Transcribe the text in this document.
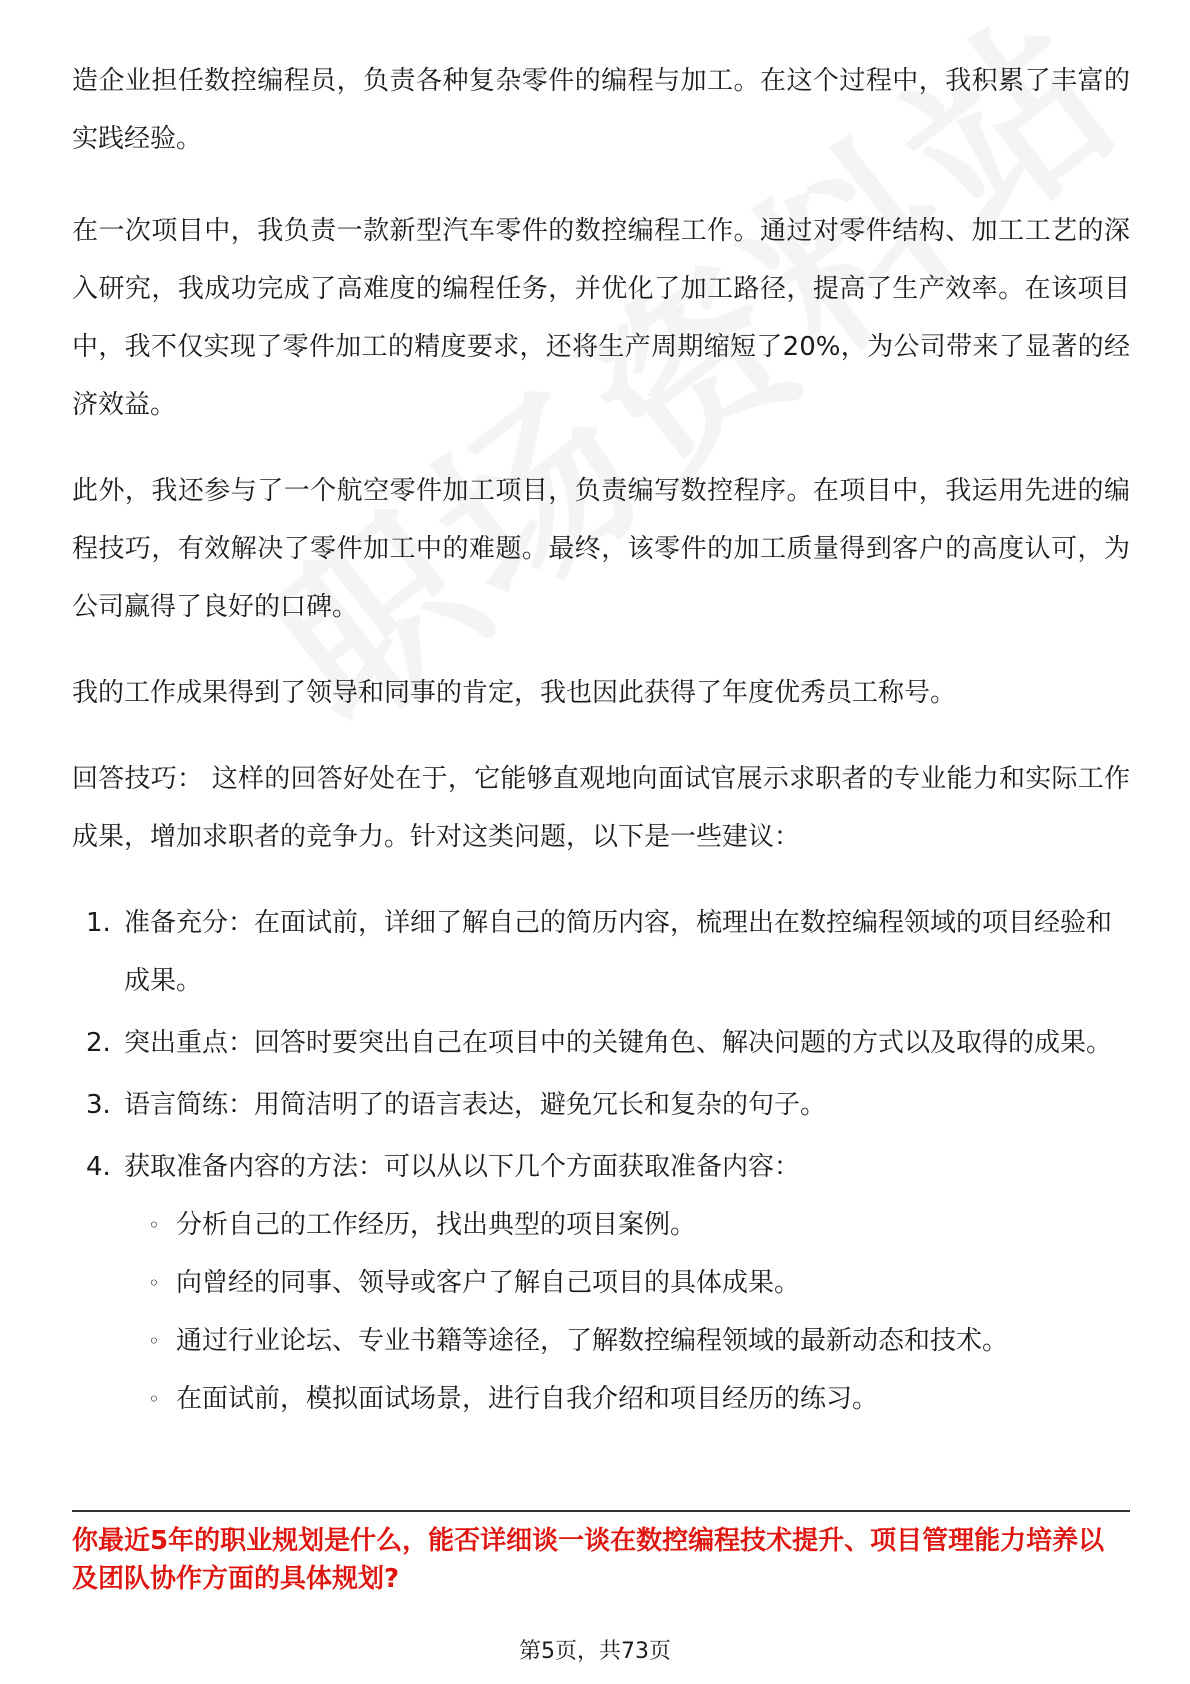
造企业担任数控编程员，负责各种复杂零件的编程与加工。在这个过程中，我积累了丰富的实践经验。

在一次项目中，我负责一款新型汽车零件的数控编程工作。通过对零件结构、加工工艺的深入研究，我成功完成了高难度的编程任务，并优化了加工路径，提高了生产效率。在该项目中，我不仅实现了零件加工的精度要求，还将生产周期缩短了20%，为公司带来了显著的经济效益。

此外，我还参与了一个航空零件加工项目，负责编写数控程序。在项目中，我运用先进的编程技巧，有效解决了零件加工中的难题。最终，该零件的加工质量得到客户的高度认可，为公司赢得了良好的口碑。

我的工作成果得到了领导和同事的肯定，我也因此获得了年度优秀员工称号。

回答技巧： 这样的回答好处在于，它能够直观地向面试官展示求职者的专业能力和实际工作成果，增加求职者的竞争力。针对这类问题，以下是一些建议：

1. 准备充分：在面试前，详细了解自己的简历内容，梳理出在数控编程领域的项目经验和成果。
2. 突出重点：回答时要突出自己在项目中的关键角色、解决问题的方式以及取得的成果。
3. 语言简练：用简洁明了的语言表达，避免冗长和复杂的句子。
4. 获取准备内容的方法：可以从以下几个方面获取准备内容：
◦ 分析自己的工作经历，找出典型的项目案例。
◦ 向曾经的同事、领导或客户了解自己项目的具体成果。
◦ 通过行业论坛、专业书籍等途径，了解数控编程领域的最新动态和技术。
◦ 在面试前，模拟面试场景，进行自我介绍和项目经历的练习。
你最近5年的职业规划是什么，能否详细谈一谈在数控编程技术提升、项目管理能力培养以及团队协作方面的具体规划?
第5页，共73页
